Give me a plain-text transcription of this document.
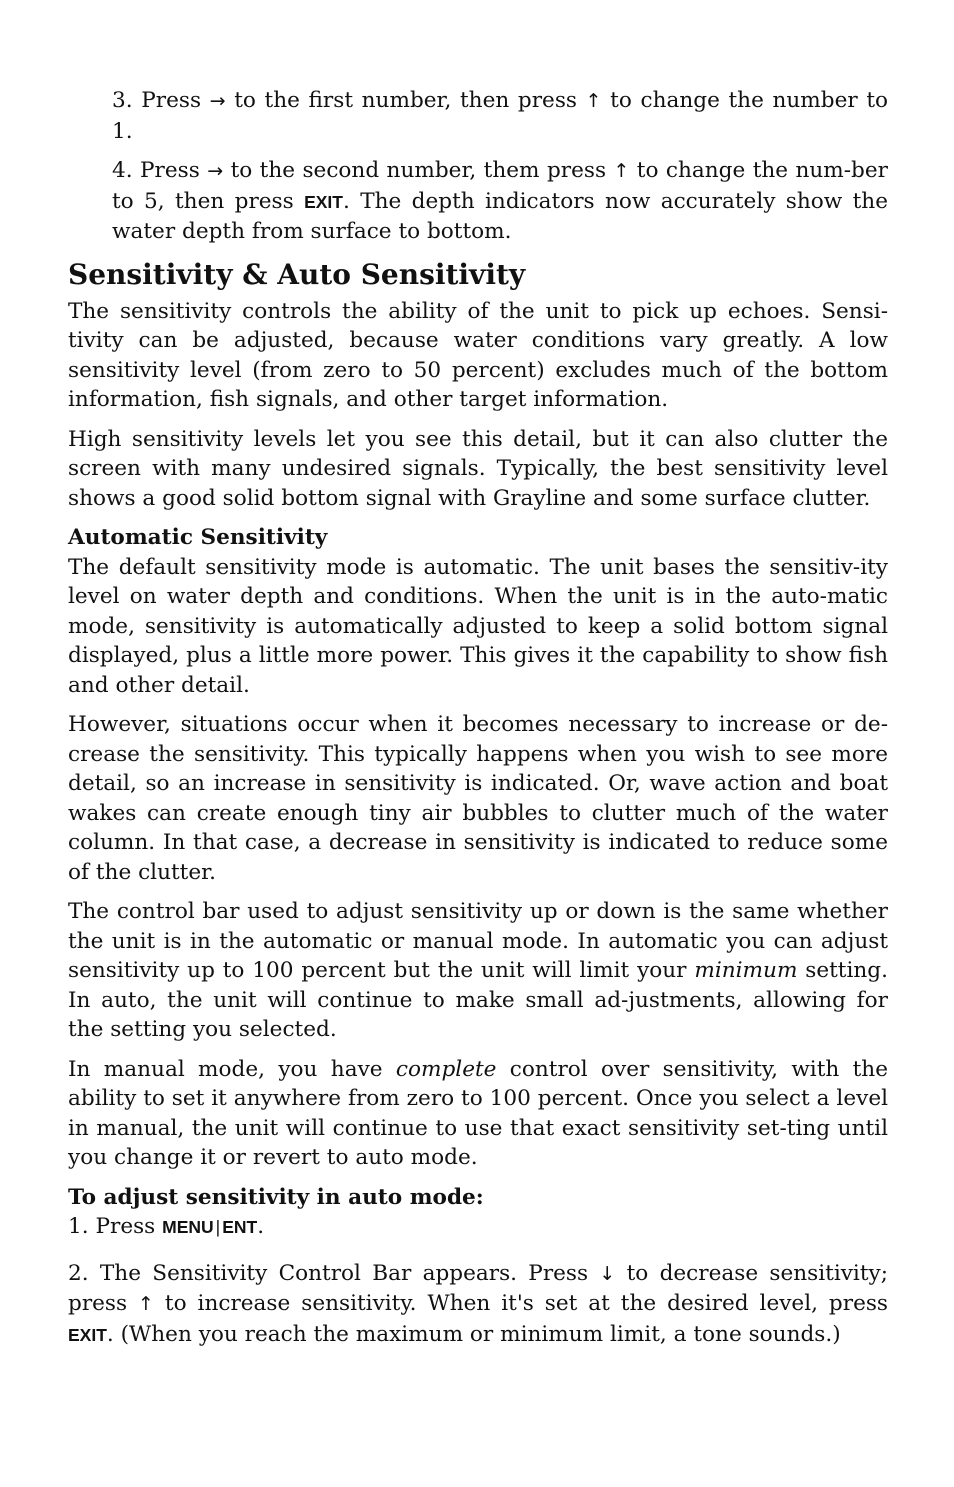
3. Press → to the first number, then press ↑ to change the number to 1.

4. Press → to the second number, them press ↑ to change the num-ber to 5, then press EXIT. The depth indicators now accurately show the water depth from surface to bottom.

Sensitivity & Auto Sensitivity

The sensitivity controls the ability of the unit to pick up echoes. Sensi-tivity can be adjusted, because water conditions vary greatly. A low sensitivity level (from zero to 50 percent) excludes much of the bottom information, fish signals, and other target information.

High sensitivity levels let you see this detail, but it can also clutter the screen with many undesired signals. Typically, the best sensitivity level shows a good solid bottom signal with Grayline and some surface clutter.

Automatic Sensitivity

The default sensitivity mode is automatic. The unit bases the sensitiv-ity level on water depth and conditions. When the unit is in the auto-matic mode, sensitivity is automatically adjusted to keep a solid bottom signal displayed, plus a little more power. This gives it the capability to show fish and other detail.

However, situations occur when it becomes necessary to increase or de-crease the sensitivity. This typically happens when you wish to see more detail, so an increase in sensitivity is indicated. Or, wave action and boat wakes can create enough tiny air bubbles to clutter much of the water column. In that case, a decrease in sensitivity is indicated to reduce some of the clutter.

The control bar used to adjust sensitivity up or down is the same whether the unit is in the automatic or manual mode. In automatic you can adjust sensitivity up to 100 percent but the unit will limit your minimum setting. In auto, the unit will continue to make small ad-justments, allowing for the setting you selected.

In manual mode, you have complete control over sensitivity, with the ability to set it anywhere from zero to 100 percent. Once you select a level in manual, the unit will continue to use that exact sensitivity set-ting until you change it or revert to auto mode.

To adjust sensitivity in auto mode:

1. Press MENU | ENT.

2. The Sensitivity Control Bar appears. Press ↓ to decrease sensitivity; press ↑ to increase sensitivity. When it's set at the desired level, press EXIT. (When you reach the maximum or minimum limit, a tone sounds.)
